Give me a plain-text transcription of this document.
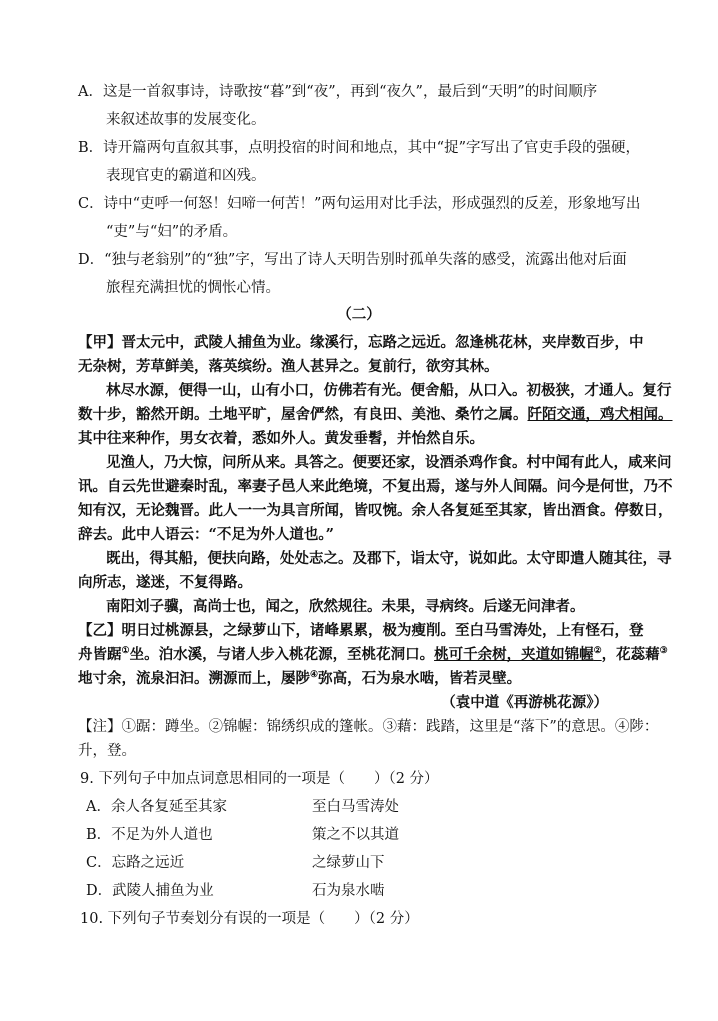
A．这是一首叙事诗，诗歌按“暮”到“夜”，再到“夜久”，最后到“天明”的时间顺序
来叙述故事的发展变化。
B．诗开篇两句直叙其事，点明投宿的时间和地点，其中“捉”字写出了官吏手段的强硬，
表现官吏的霸道和凶残。
C．诗中“吏呼一何怒！妇啼一何苦！”两句运用对比手法，形成强烈的反差，形象地写出
“吏”与“妇”的矛盾。
D．“独与老翁别”的“独”字，写出了诗人天明告别时孤单失落的感受，流露出他对后面
旅程充满担忧的惆怅心情。
（二）
【甲】晋太元中，武陵人捕鱼为业。缘溪行，忘路之远近。忽逢桃花林，夹岸数百步，中
无杂树，芳草鲜美，落英缤纷。渔人甚异之。复前行，欲穷其林。
林尽水源，便得一山，山有小口，仿佛若有光。便舍船，从口入。初极狭，才通人。复行
数十步，豁然开朗。土地平旷，屋舍俨然，有良田、美池、桑竹之属。阡陌交通，鸡犬相闻。
其中往来种作，男女衣着，悉如外人。黄发垂髫，并怡然自乐。
见渔人，乃大惊，问所从来。具答之。便要还家，设酒杀鸡作食。村中闻有此人，咸来问
讯。自云先世避秦时乱，率妻子邑人来此绝境，不复出焉，遂与外人间隔。问今是何世，乃不
知有汉，无论魏晋。此人一一为具言所闻，皆叹惋。余人各复延至其家，皆出酒食。停数日，
辞去。此中人语云：“不足为外人道也。”
既出，得其船，便扶向路，处处志之。及郡下，诣太守，说如此。太守即遣人随其往，寻
向所志，遂迷，不复得路。
南阳刘子骥，高尚士也，闻之，欣然规往。未果，寻病终。后遂无问津者。
【乙】明日过桃源县，之绿萝山下，诸峰累累，极为瘦削。至白马雪涛处，上有怪石，登
舟皆踞①坐。泊水溪，与诸人步入桃花源，至桃花洞口。桃可千余树，夹道如锦幄②，花蕊藉③
地寸余，流泉汩汩。溯源而上，屡陟④弥高，石为泉水啮，皆若灵壁。
（袁中道《再游桃花源》）
【注】①踞：蹲坐。②锦幄：锦绣织成的篷帐。③藉：践踏，这里是“落下”的意思。④陟：
升，登。
9. 下列句子中加点词意思相同的一项是（　　）（2 分）
A．余人各复延至其家	至白马雪涛处
B．不足为外人道也	策之不以其道
C．忘路之远近	之绿萝山下
D．武陵人捕鱼为业	石为泉水啮
10. 下列句子节奏划分有误的一项是（　　）（2 分）
